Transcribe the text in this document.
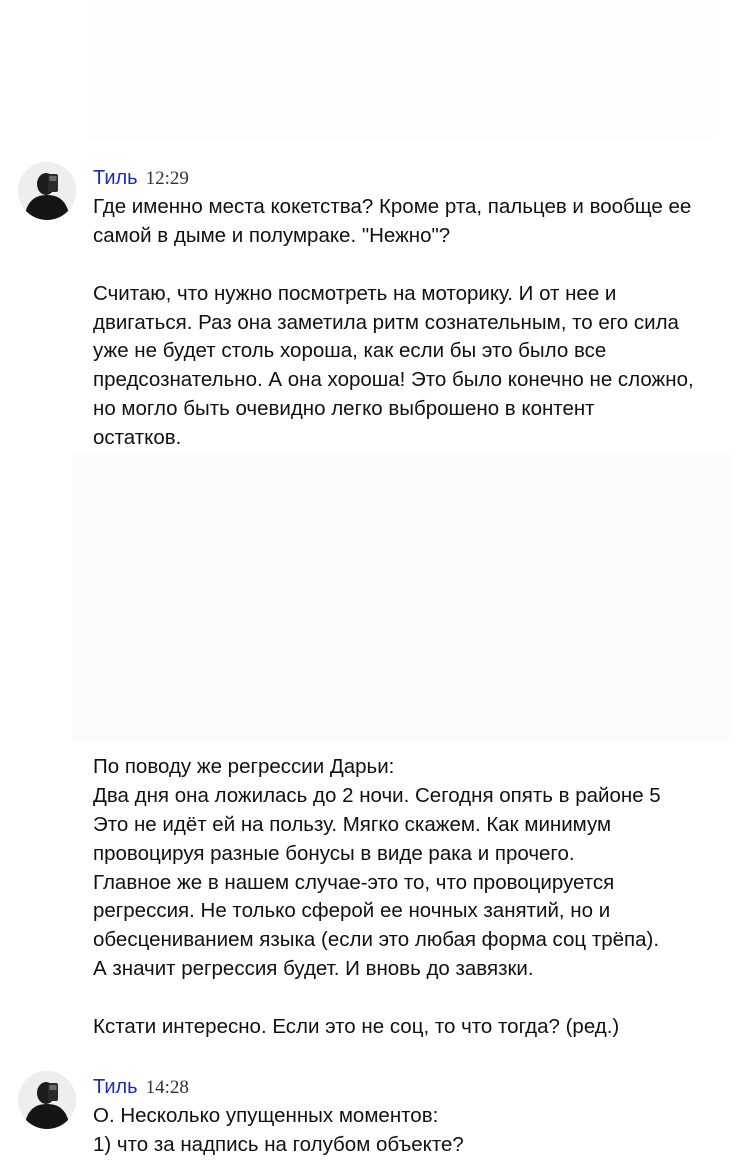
Тиль 12:29
Где именно места кокетства? Кроме рта, пальцев и вообще ее
самой в дыме и полумраке. "Нежно"?
Считаю, что нужно посмотреть на моторику. И от нее и
двигаться. Раз она заметила ритм сознательным, то его сила
уже не будет столь хороша, как если бы это было все
предсознательно. А она хороша! Это было конечно не сложно,
но могло быть очевидно легко выброшено в контент
остатков.
По поводу же регрессии Дарьи:
Два дня она ложилась до 2 ночи. Сегодня опять в районе 5
Это не идёт ей на пользу. Мягко скажем. Как минимум
провоцируя разные бонусы в виде рака и прочего.
Главное же в нашем случае-это то, что провоцируется
регрессия. Не только сферой ее ночных занятий, но и
обесцениванием языка (если это любая форма соц трёпа).
А значит регрессия будет. И вновь до завязки.
Кстати интересно. Если это не соц, то что тогда? (ред.)
Тиль 14:28
О. Несколько упущенных моментов:
1) что за надпись на голубом объекте?
